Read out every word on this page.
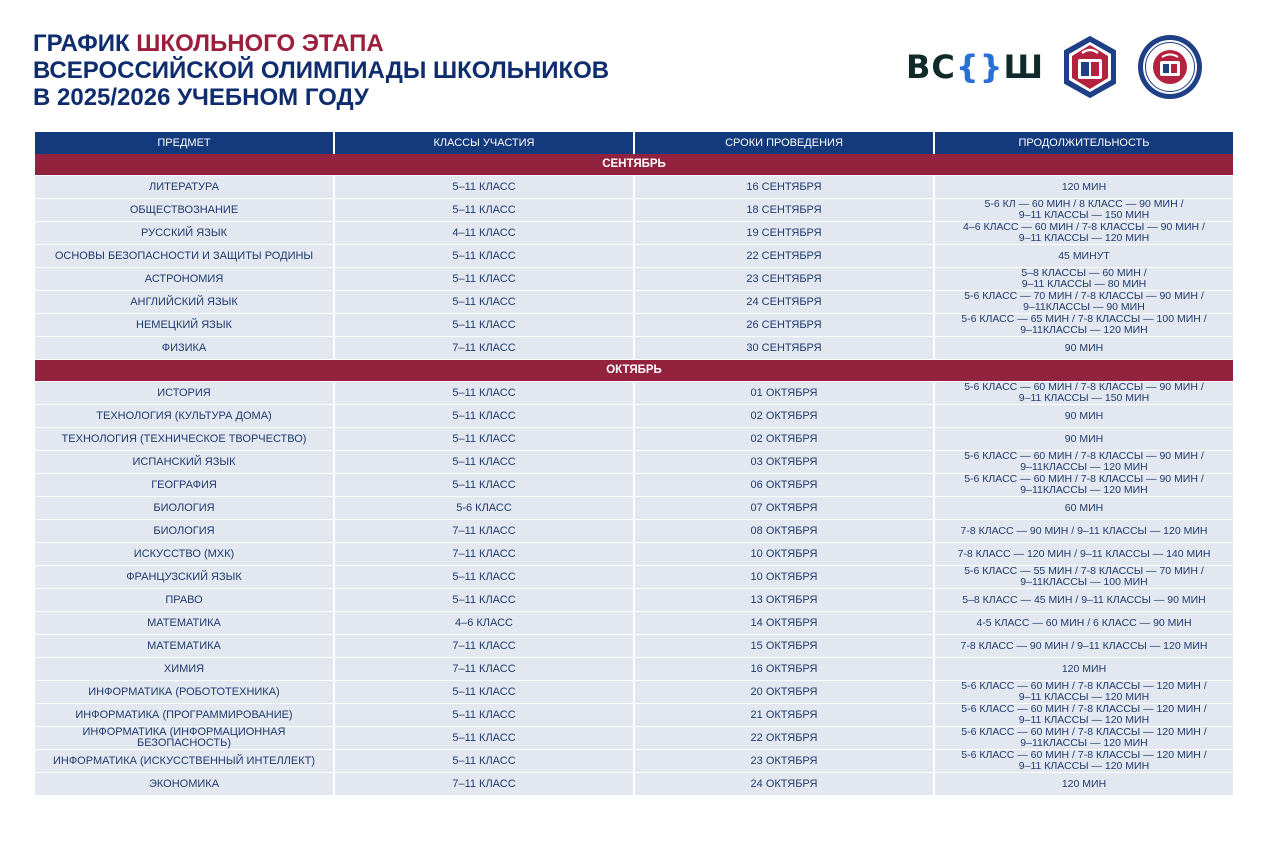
ГРАФИК ШКОЛЬНОГО ЭТАПА
ВСЕРОССИЙСКОЙ ОЛИМПИАДЫ ШКОЛЬНИКОВ
В 2025/2026 УЧЕБНОМ ГОДУ
ВС{}Ш
ПРЕДМЕТ	КЛАССЫ УЧАСТИЯ	СРОКИ ПРОВЕДЕНИЯ	ПРОДОЛЖИТЕЛЬНОСТЬ
СЕНТЯБРЬ			
ЛИТЕРАТУРА	5–11 КЛАСС	16 СЕНТЯБРЯ	120 МИН
ОБЩЕСТВОЗНАНИЕ	5–11 КЛАСС	18 СЕНТЯБРЯ	5-6 КЛ — 60 МИН / 8 КЛАСС — 90 МИН /
9–11 КЛАССЫ — 150 МИН
РУССКИЙ ЯЗЫК	4–11 КЛАСС	19 СЕНТЯБРЯ	4–6 КЛАСС — 60 МИН / 7-8 КЛАССЫ — 90 МИН /
9–11 КЛАССЫ — 120 МИН
ОСНОВЫ БЕЗОПАСНОСТИ И ЗАЩИТЫ РОДИНЫ	5–11 КЛАСС	22 СЕНТЯБРЯ	45 МИНУТ
АСТРОНОМИЯ	5–11 КЛАСС	23 СЕНТЯБРЯ	5–8 КЛАССЫ — 60 МИН /
9–11 КЛАССЫ — 80 МИН
АНГЛИЙСКИЙ ЯЗЫК	5–11 КЛАСС	24 СЕНТЯБРЯ	5-6 КЛАСС — 70 МИН / 7-8 КЛАССЫ — 90 МИН /
9–11КЛАССЫ — 90 МИН
НЕМЕЦКИЙ ЯЗЫК	5–11 КЛАСС	26 СЕНТЯБРЯ	5-6 КЛАСС — 65 МИН / 7-8 КЛАССЫ — 100 МИН /
9–11КЛАССЫ — 120 МИН
ФИЗИКА	7–11 КЛАСС	30 СЕНТЯБРЯ	90 МИН
ОКТЯБРЬ			
ИСТОРИЯ	5–11 КЛАСС	01 ОКТЯБРЯ	5-6 КЛАСС — 60 МИН / 7-8 КЛАССЫ — 90 МИН /
9–11 КЛАССЫ — 150 МИН
ТЕХНОЛОГИЯ (КУЛЬТУРА ДОМА)	5–11 КЛАСС	02 ОКТЯБРЯ	90 МИН
ТЕХНОЛОГИЯ (ТЕХНИЧЕСКОЕ ТВОРЧЕСТВО)	5–11 КЛАСС	02 ОКТЯБРЯ	90 МИН
ИСПАНСКИЙ ЯЗЫК	5–11 КЛАСС	03 ОКТЯБРЯ	5-6 КЛАСС — 60 МИН / 7-8 КЛАССЫ — 90 МИН /
9–11КЛАССЫ — 120 МИН
ГЕОГРАФИЯ	5–11 КЛАСС	06 ОКТЯБРЯ	5-6 КЛАСС — 60 МИН / 7-8 КЛАССЫ — 90 МИН /
9–11КЛАССЫ — 120 МИН
БИОЛОГИЯ	5-6 КЛАСС	07 ОКТЯБРЯ	60 МИН
БИОЛОГИЯ	7–11 КЛАСС	08 ОКТЯБРЯ	7-8 КЛАСС — 90 МИН / 9–11 КЛАССЫ — 120 МИН
ИСКУССТВО (МХК)	7–11 КЛАСС	10 ОКТЯБРЯ	7-8 КЛАСС — 120 МИН / 9–11 КЛАССЫ — 140 МИН
ФРАНЦУЗСКИЙ ЯЗЫК	5–11 КЛАСС	10 ОКТЯБРЯ	5-6 КЛАСС — 55 МИН / 7-8 КЛАССЫ — 70 МИН /
9–11КЛАССЫ — 100 МИН
ПРАВО	5–11 КЛАСС	13 ОКТЯБРЯ	5–8 КЛАСС — 45 МИН / 9–11 КЛАССЫ — 90 МИН
МАТЕМАТИКА	4–6 КЛАСС	14 ОКТЯБРЯ	4-5 КЛАСС — 60 МИН / 6 КЛАСС — 90 МИН
МАТЕМАТИКА	7–11 КЛАСС	15 ОКТЯБРЯ	7-8 КЛАСС — 90 МИН / 9–11 КЛАССЫ — 120 МИН
ХИМИЯ	7–11 КЛАСС	16 ОКТЯБРЯ	120 МИН
ИНФОРМАТИКА (РОБОТОТЕХНИКА)	5–11 КЛАСС	20 ОКТЯБРЯ	5-6 КЛАСС — 60 МИН / 7-8 КЛАССЫ — 120 МИН /
9–11 КЛАССЫ — 120 МИН
ИНФОРМАТИКА (ПРОГРАММИРОВАНИЕ)	5–11 КЛАСС	21 ОКТЯБРЯ	5-6 КЛАСС — 60 МИН / 7-8 КЛАССЫ — 120 МИН /
9–11 КЛАССЫ — 120 МИН
ИНФОРМАТИКА (ИНФОРМАЦИОННАЯ БЕЗОПАСНОСТЬ)	5–11 КЛАСС	22 ОКТЯБРЯ	5-6 КЛАСС — 60 МИН / 7-8 КЛАССЫ — 120 МИН /
9–11КЛАССЫ — 120 МИН
ИНФОРМАТИКА (ИСКУССТВЕННЫЙ ИНТЕЛЛЕКТ)	5–11 КЛАСС	23 ОКТЯБРЯ	5-6 КЛАСС — 60 МИН / 7-8 КЛАССЫ — 120 МИН /
9–11 КЛАССЫ — 120 МИН
ЭКОНОМИКА	7–11 КЛАСС	24 ОКТЯБРЯ	120 МИН
